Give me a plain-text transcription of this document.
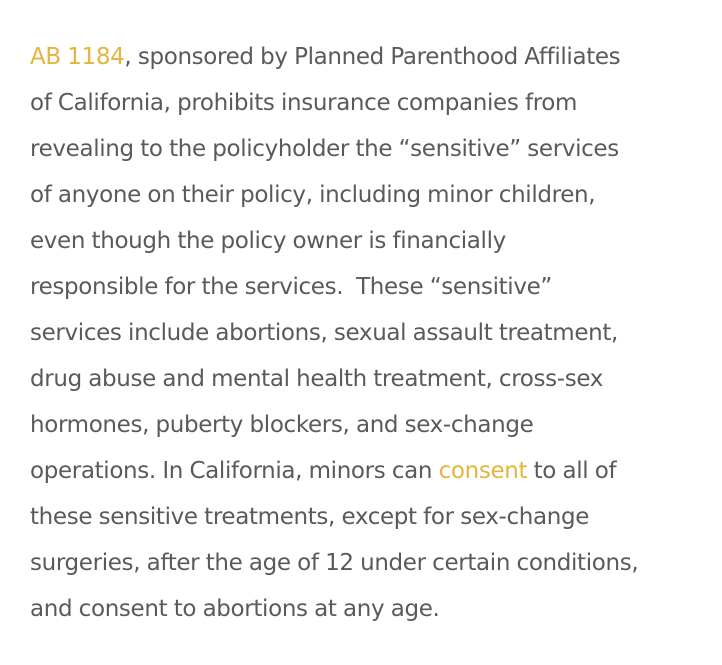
AB 1184, sponsored by Planned Parenthood Affiliates
of California, prohibits insurance companies from
revealing to the policyholder the “sensitive” services
of anyone on their policy, including minor children,
even though the policy owner is financially
responsible for the services.  These “sensitive”
services include abortions, sexual assault treatment,
drug abuse and mental health treatment, cross-sex
hormones, puberty blockers, and sex-change
operations. In California, minors can consent to all of
these sensitive treatments, except for sex-change
surgeries, after the age of 12 under certain conditions,
and consent to abortions at any age.
